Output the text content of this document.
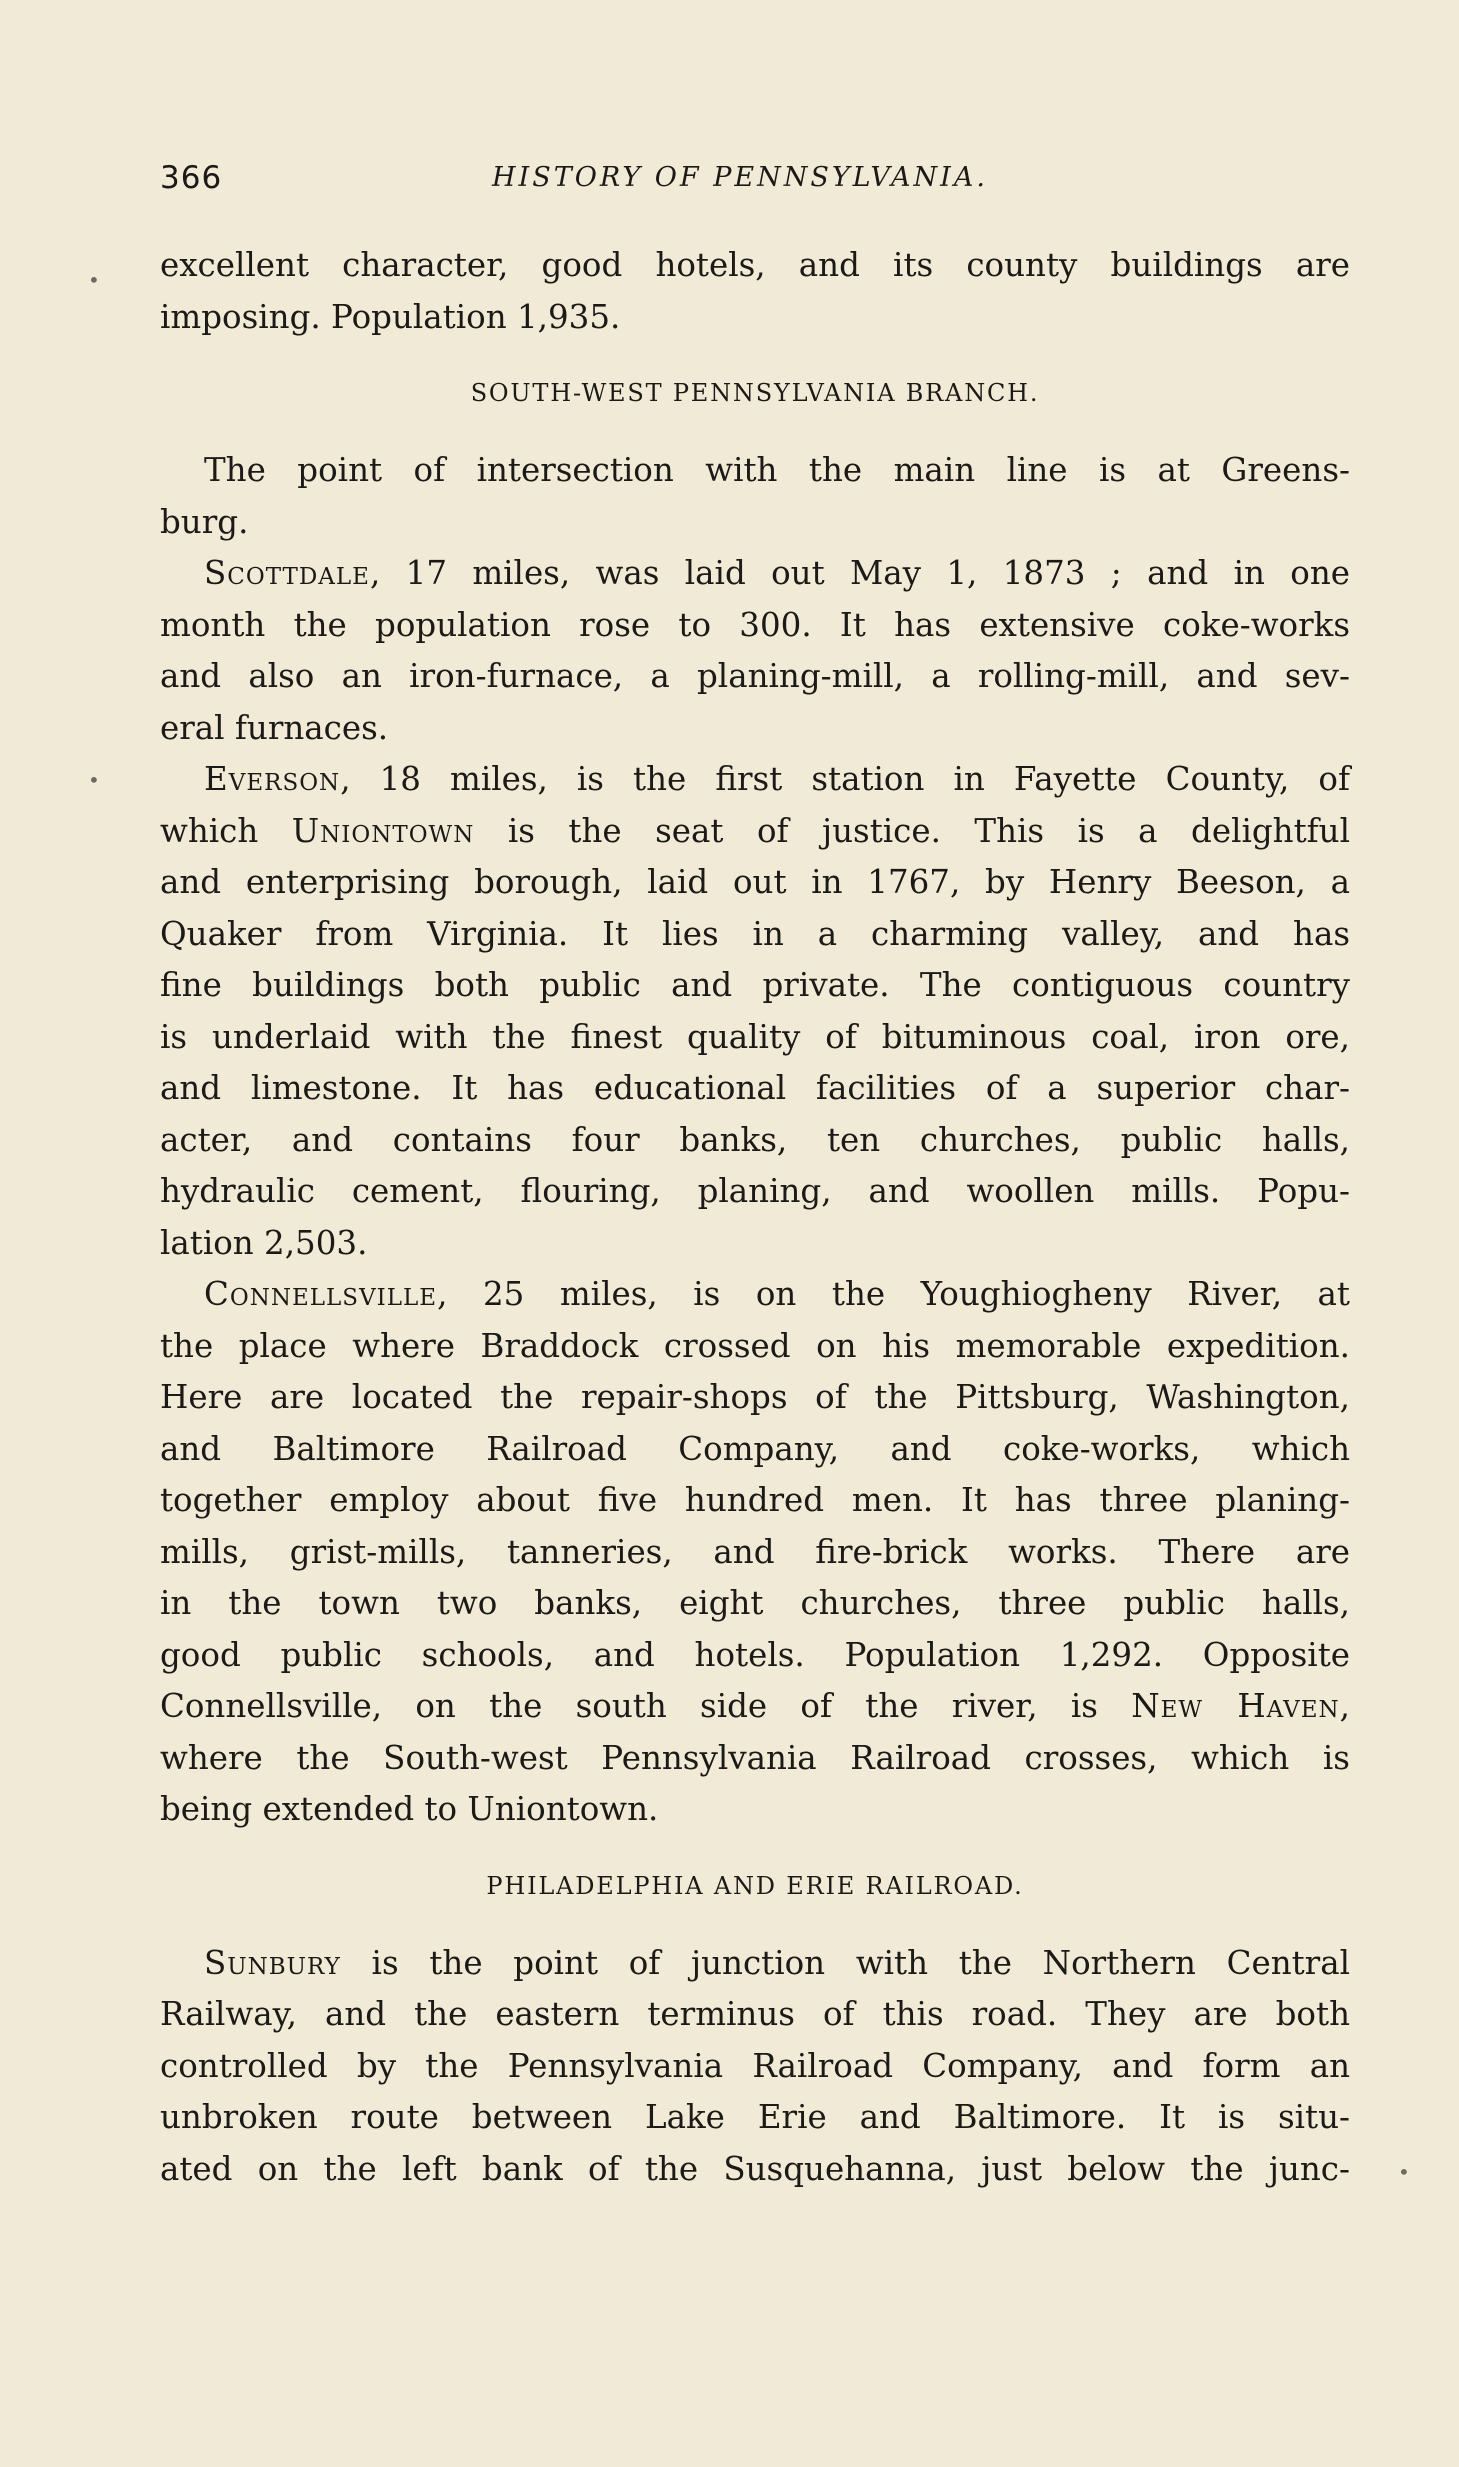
366	HISTORY OF PENNSYLVANIA.
•
•
•
excellent character, good hotels, and its county buildings are
imposing. Population 1,935.
SOUTH-WEST PENNSYLVANIA BRANCH.
The point of intersection with the main line is at Greens-
burg.
Scottdale, 17 miles, was laid out May 1, 1873 ; and in one
month the population rose to 300. It has extensive coke-works
and also an iron-furnace, a planing-mill, a rolling-mill, and sev-
eral furnaces.
Everson, 18 miles, is the first station in Fayette County, of
which Uniontown is the seat of justice. This is a delightful
and enterprising borough, laid out in 1767, by Henry Beeson, a
Quaker from Virginia. It lies in a charming valley, and has
fine buildings both public and private. The contiguous country
is underlaid with the finest quality of bituminous coal, iron ore,
and limestone. It has educational facilities of a superior char-
acter, and contains four banks, ten churches, public halls,
hydraulic cement, flouring, planing, and woollen mills. Popu-
lation 2,503.
Connellsville, 25 miles, is on the Youghiogheny River, at
the place where Braddock crossed on his memorable expedition.
Here are located the repair-shops of the Pittsburg, Washington,
and Baltimore Railroad Company, and coke-works, which
together employ about five hundred men. It has three planing-
mills, grist-mills, tanneries, and fire-brick works. There are
in the town two banks, eight churches, three public halls,
good public schools, and hotels. Population 1,292. Opposite
Connellsville, on the south side of the river, is New Haven,
where the South-west Pennsylvania Railroad crosses, which is
being extended to Uniontown.
PHILADELPHIA AND ERIE RAILROAD.
Sunbury is the point of junction with the Northern Central
Railway, and the eastern terminus of this road. They are both
controlled by the Pennsylvania Railroad Company, and form an
unbroken route between Lake Erie and Baltimore. It is situ-
ated on the left bank of the Susquehanna, just below the junc-
